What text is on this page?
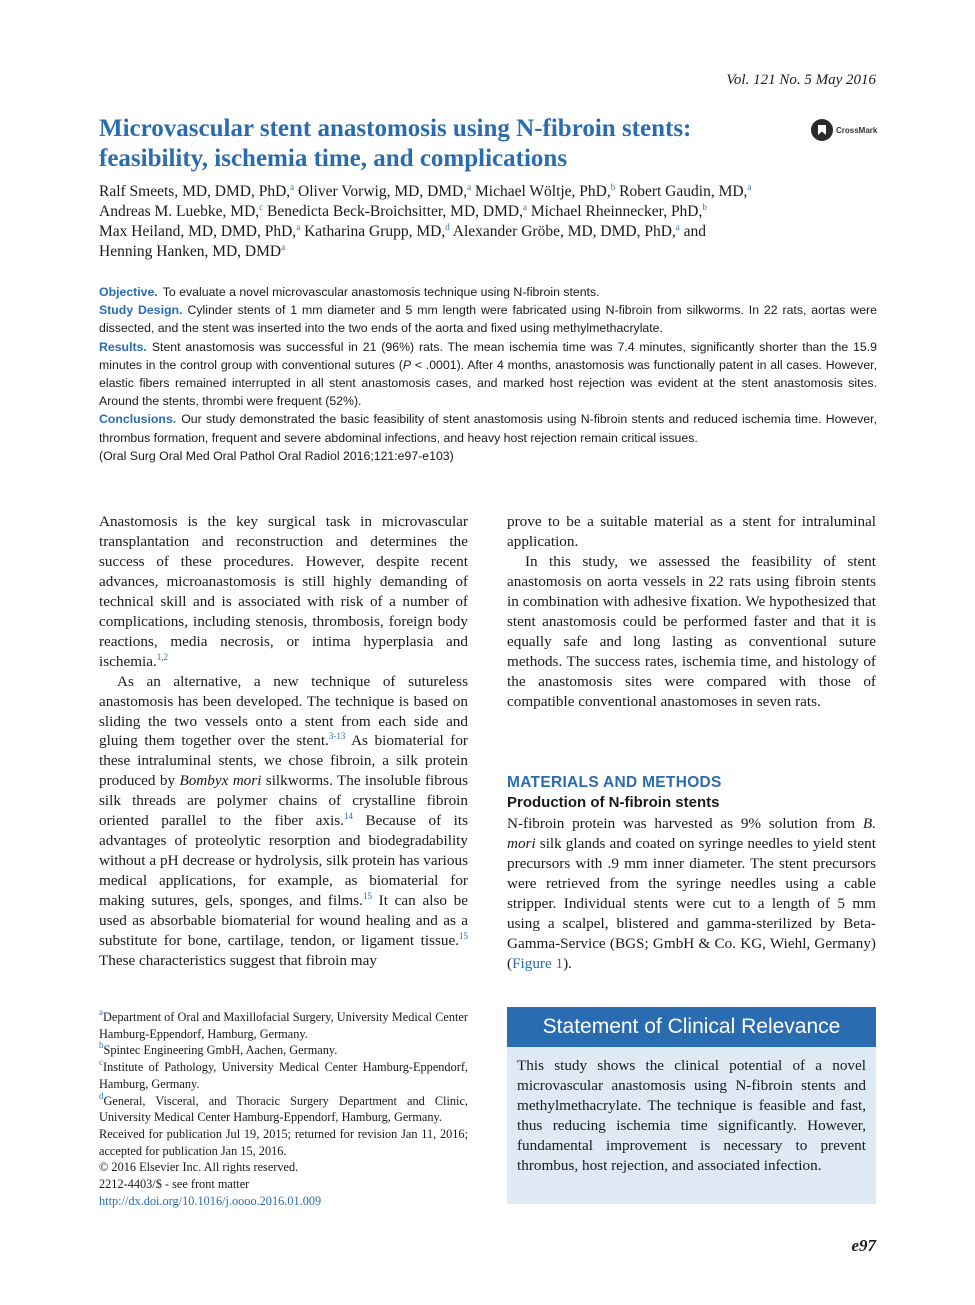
Vol. 121 No. 5 May 2016
Microvascular stent anastomosis using N-fibroin stents:
feasibility, ischemia time, and complications
CrossMark
Ralf Smeets, MD, DMD, PhD,$^a$ Oliver Vorwig, MD, DMD,$^a$ Michael Wöltje, PhD,$^b$ Robert Gaudin, MD,$^a$
Andreas M. Luebke, MD,$^c$ Benedicta Beck-Broichsitter, MD, DMD,$^a$ Michael Rheinnecker, PhD,$^b$
Max Heiland, MD, DMD, PhD,$^a$ Katharina Grupp, MD,$^d$ Alexander Gröbe, MD, DMD, PhD,$^a$ and
Henning Hanken, MD, DMD$^a$

Objective. To evaluate a novel microvascular anastomosis technique using N-fibroin stents.

Study Design. Cylinder stents of 1 mm diameter and 5 mm length were fabricated using N-fibroin from silkworms. In 22 rats, aortas were dissected, and the stent was inserted into the two ends of the aorta and fixed using methylmethacrylate.

Results. Stent anastomosis was successful in 21 (96%) rats. The mean ischemia time was 7.4 minutes, significantly shorter than the 15.9 minutes in the control group with conventional sutures (P < .0001). After 4 months, anastomosis was functionally patent in all cases. However, elastic fibers remained interrupted in all stent anastomosis cases, and marked host rejection was evident at the stent anastomosis sites. Around the stents, thrombi were frequent (52%).

Conclusions. Our study demonstrated the basic feasibility of stent anastomosis using N-fibroin stents and reduced ischemia time. However, thrombus formation, frequent and severe abdominal infections, and heavy host rejection remain critical issues.

(Oral Surg Oral Med Oral Pathol Oral Radiol 2016;121:e97-e103)

Anastomosis is the key surgical task in microvascular transplantation and reconstruction and determines the success of these procedures. However, despite recent advances, microanastomosis is still highly demanding of technical skill and is associated with risk of a number of complications, including stenosis, thrombosis, foreign body reactions, media necrosis, or intima hyperplasia and ischemia.$^{1,2}$

As an alternative, a new technique of sutureless anastomosis has been developed. The technique is based on sliding the two vessels onto a stent from each side and gluing them together over the stent.$^{3-13}$ As biomaterial for these intraluminal stents, we chose fibroin, a silk protein produced by Bombyx mori silkworms. The insoluble fibrous silk threads are polymer chains of crystalline fibroin oriented parallel to the fiber axis.$^{14}$ Because of its advantages of proteolytic resorption and biodegradability without a pH decrease or hydrolysis, silk protein has various medical applications, for example, as biomaterial for making sutures, gels, sponges, and films.$^{15}$ It can also be used as absorbable biomaterial for wound healing and as a substitute for bone, cartilage, tendon, or ligament tissue.$^{15}$ These characteristics suggest that fibroin may

prove to be a suitable material as a stent for intraluminal application.

In this study, we assessed the feasibility of stent anastomosis on aorta vessels in 22 rats using fibroin stents in combination with adhesive fixation. We hypothesized that stent anastomosis could be performed faster and that it is equally safe and long lasting as conventional suture methods. The success rates, ischemia time, and histology of the anastomosis sites were compared with those of compatible conventional anastomoses in seven rats.

MATERIALS AND METHODS
Production of N-fibroin stents

N-fibroin protein was harvested as 9% solution from B. mori silk glands and coated on syringe needles to yield stent precursors with .9 mm inner diameter. The stent precursors were retrieved from the syringe needles using a cable stripper. Individual stents were cut to a length of 5 mm using a scalpel, blistered and gamma-sterilized by Beta-Gamma-Service (BGS; GmbH & Co. KG, Wiehl, Germany) (Figure 1).

$^a$Department of Oral and Maxillofacial Surgery, University Medical Center Hamburg-Eppendorf, Hamburg, Germany.

$^b$Spintec Engineering GmbH, Aachen, Germany.

$^c$Institute of Pathology, University Medical Center Hamburg-Eppendorf, Hamburg, Germany.

$^d$General, Visceral, and Thoracic Surgery Department and Clinic, University Medical Center Hamburg-Eppendorf, Hamburg, Germany.

Received for publication Jul 19, 2015; returned for revision Jan 11, 2016; accepted for publication Jan 15, 2016.

© 2016 Elsevier Inc. All rights reserved.

2212-4403/$ - see front matter

http://dx.doi.org/10.1016/j.oooo.2016.01.009

Statement of Clinical Relevance
This study shows the clinical potential of a novel microvascular anastomosis using N-fibroin stents and methylmethacrylate. The technique is feasible and fast, thus reducing ischemia time significantly. However, fundamental improvement is necessary to prevent thrombus, host rejection, and associated infection.
e97
